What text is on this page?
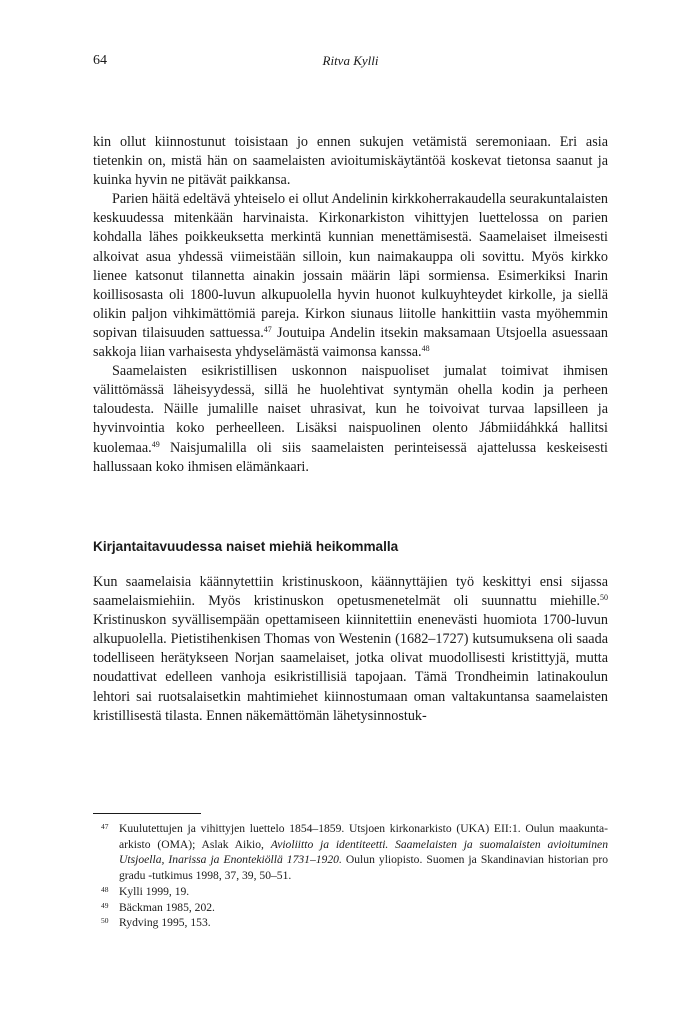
64	Ritva Kylli

kin ollut kiinnostunut toisistaan jo ennen sukujen vetämistä seremoniaan. Eri asia tietenkin on, mistä hän on saamelaisten avioitumiskäytäntöä koskevat tietonsa saanut ja kuinka hyvin ne pitävät paikkansa.

Parien häitä edeltävä yhteiselo ei ollut Andelinin kirkkoherrakaudella seurakuntalaisten keskuudessa mitenkään harvinaista. Kirkonarkiston vihittyjen luettelossa on parien kohdalla lähes poikkeuksetta merkintä kunnian menettämisestä. Saamelaiset ilmeisesti alkoivat asua yhdessä viimeistään silloin, kun naimakauppa oli sovittu. Myös kirkko lienee katsonut tilannetta ainakin jossain määrin läpi sormiensa. Esimerkiksi Inarin koillisosasta oli 1800-luvun alkupuolella hyvin huonot kulkuyhteydet kirkolle, ja siellä olikin paljon vihkimättömiä pareja. Kirkon siunaus liitolle hankittiin vasta myöhemmin sopivan tilaisuuden sattuessa.$^{47}$ Joutuipa Andelin itsekin maksamaan Utsjoella asuessaan sakkoja liian varhaisesta yhdyselämästä vaimonsa kanssa.$^{48}$

Saamelaisten esikristillisen uskonnon naispuoliset jumalat toimivat ihmisen välittömässä läheisyydessä, sillä he huolehtivat syntymän ohella kodin ja perheen taloudesta. Näille jumalille naiset uhrasivat, kun he toivoivat turvaa lapsilleen ja hyvinvointia koko perheelleen. Lisäksi naispuolinen olento Jábmiidáhkká hallitsi kuolemaa.$^{49}$ Naisjumalilla oli siis saamelaisten perinteisessä ajattelussa keskeisesti hallussaan koko ihmisen elämänkaari.

Kirjantaitavuudessa naiset miehiä heikommalla

Kun saamelaisia käännytettiin kristinuskoon, käännyttäjien työ keskittyi ensi sijassa saamelaismiehiin. Myös kristinuskon opetusmenetelmät oli suunnattu miehille.$^{50}$ Kristinuskon syvällisempään opettamiseen kiinnitettiin enenevästi huomiota 1700-luvun alkupuolella. Pietistihenkisen Thomas von Westenin (1682–1727) kutsumuksena oli saada todelliseen herätykseen Norjan saamelaiset, jotka olivat muodollisesti kristittyjä, mutta noudattivat edelleen vanhoja esikristillisiä tapojaan. Tämä Trondheimin latinakoulun lehtori sai ruotsalaisetkin mahtimiehet kiinnostumaan oman valtakuntansa saamelaisten kristillisestä tilasta. Ennen näkemättömän lähetysinnostuk-

47 Kuulutettujen ja vihittyjen luettelo 1854–1859. Utsjoen kirkonarkisto (UKA) EII:1. Oulun maakunta-arkisto (OMA); Aslak Aikio, Avioliitto ja identiteetti. Saamelaisten ja suomalaisten avioituminen Utsjoella, Inarissa ja Enontekiöllä 1731–1920. Oulun yliopisto. Suomen ja Skandinavian historian pro gradu -tutkimus 1998, 37, 39, 50–51.
48 Kylli 1999, 19.
49 Bäckman 1985, 202.
50 Rydving 1995, 153.
